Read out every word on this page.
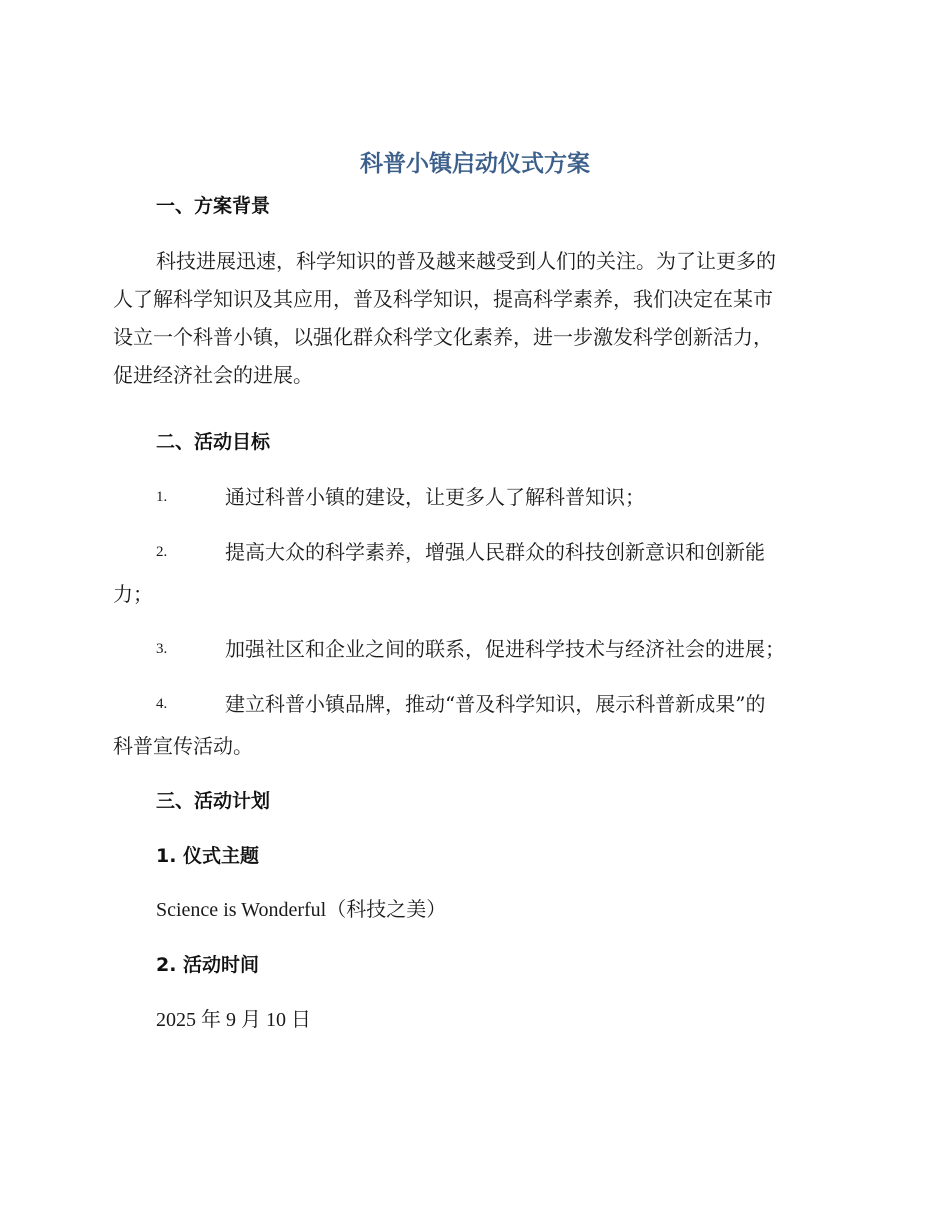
科普小镇启动仪式方案
一、方案背景
科技进展迅速，科学知识的普及越来越受到人们的关注。为了让更多的
人了解科学知识及其应用，普及科学知识，提高科学素养，我们决定在某市
设立一个科普小镇，以强化群众科学文化素养，进一步激发科学创新活力，
促进经济社会的进展。
二、活动目标
1.	通过科普小镇的建设，让更多人了解科普知识；
2.	提高大众的科学素养，增强人民群众的科技创新意识和创新能
力；
3.	加强社区和企业之间的联系，促进科学技术与经济社会的进展；
4.	建立科普小镇品牌，推动“普及科学知识，展示科普新成果”的
科普宣传活动。
三、活动计划
1. 仪式主题
Science is Wonderful（科技之美）
2. 活动时间
2025 年 9 月 10 日
